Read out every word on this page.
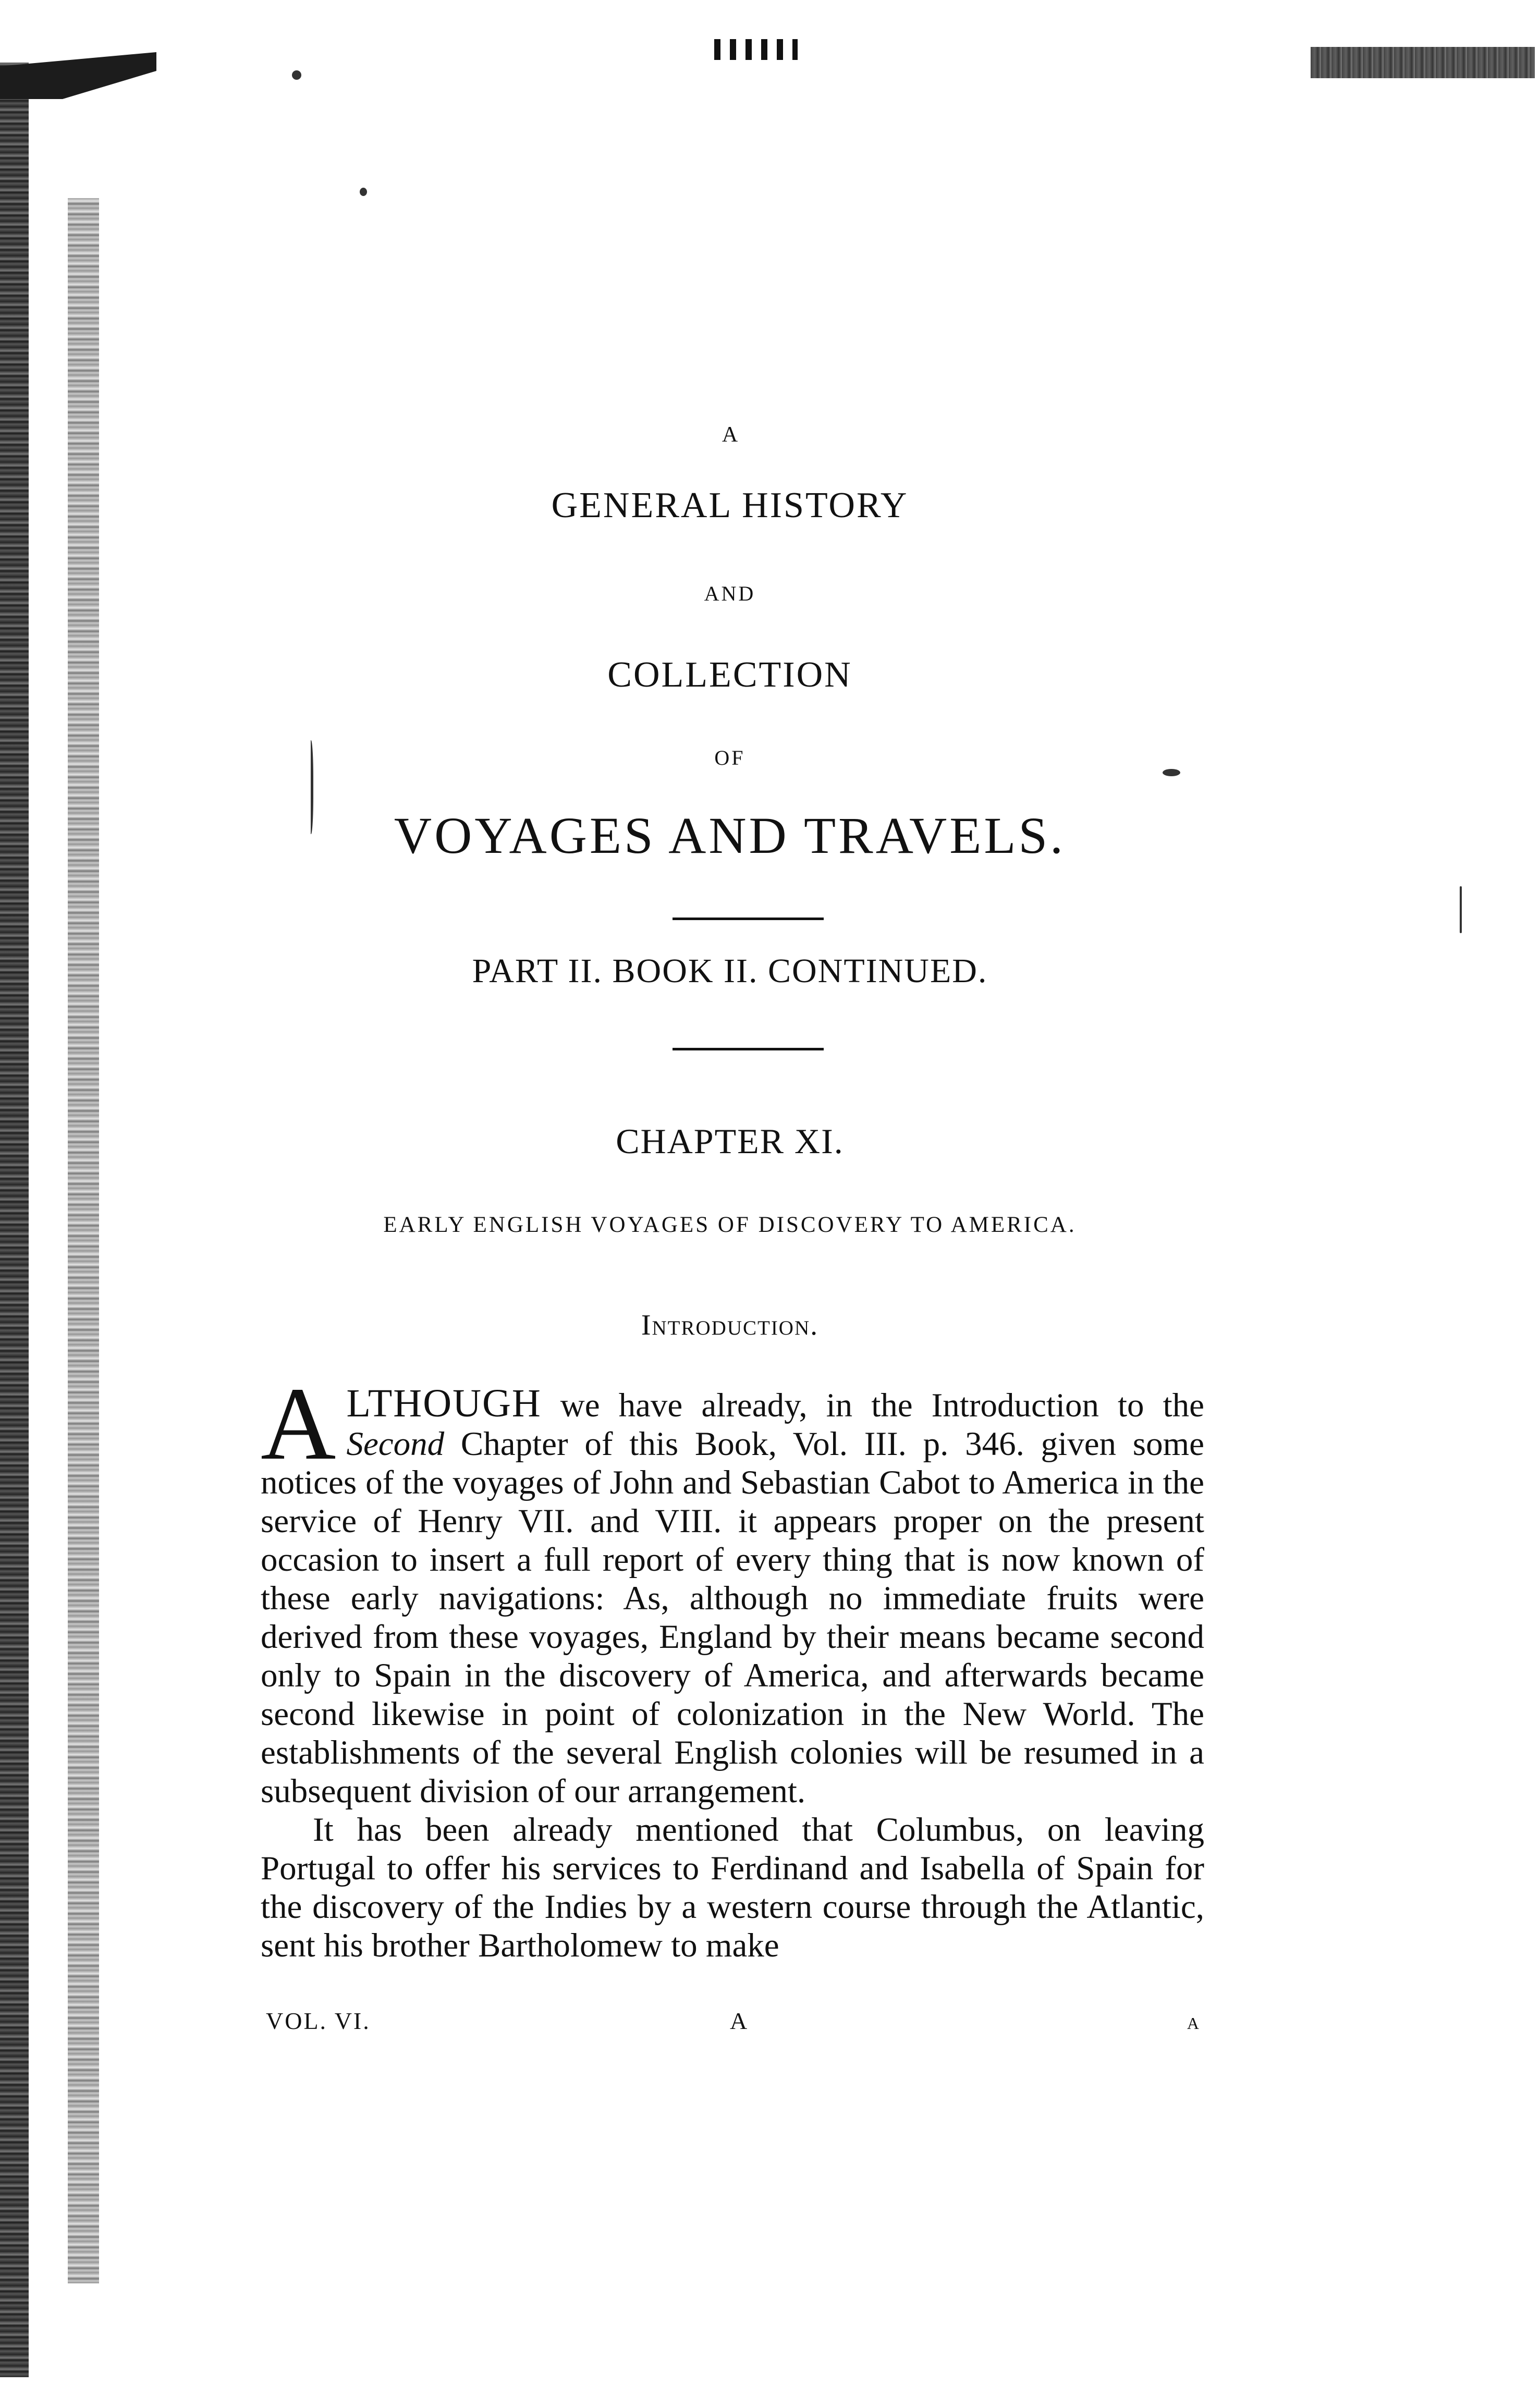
A
GENERAL HISTORY
AND
COLLECTION
OF
VOYAGES AND TRAVELS.
PART II. BOOK II. CONTINUED.
CHAPTER XI.
EARLY ENGLISH VOYAGES OF DISCOVERY TO AMERICA.
Introduction.

ALTHOUGH we have already, in the Introduction to the Second Chapter of this Book, Vol. III. p. 346. given some notices of the voyages of John and Sebastian Cabot to America in the service of Henry VII. and VIII. it appears proper on the present occasion to insert a full report of every thing that is now known of these early navigations: As, although no immediate fruits were derived from these voyages, England by their means became second only to Spain in the discovery of America, and afterwards became second likewise in point of colonization in the New World. The establishments of the several English colonies will be resumed in a subsequent division of our arrangement.

It has been already mentioned that Columbus, on leaving Portugal to offer his services to Ferdinand and Isabella of Spain for the discovery of the Indies by a western course through the Atlantic, sent his brother Bartholomew to make

VOL. VI.	A	a
